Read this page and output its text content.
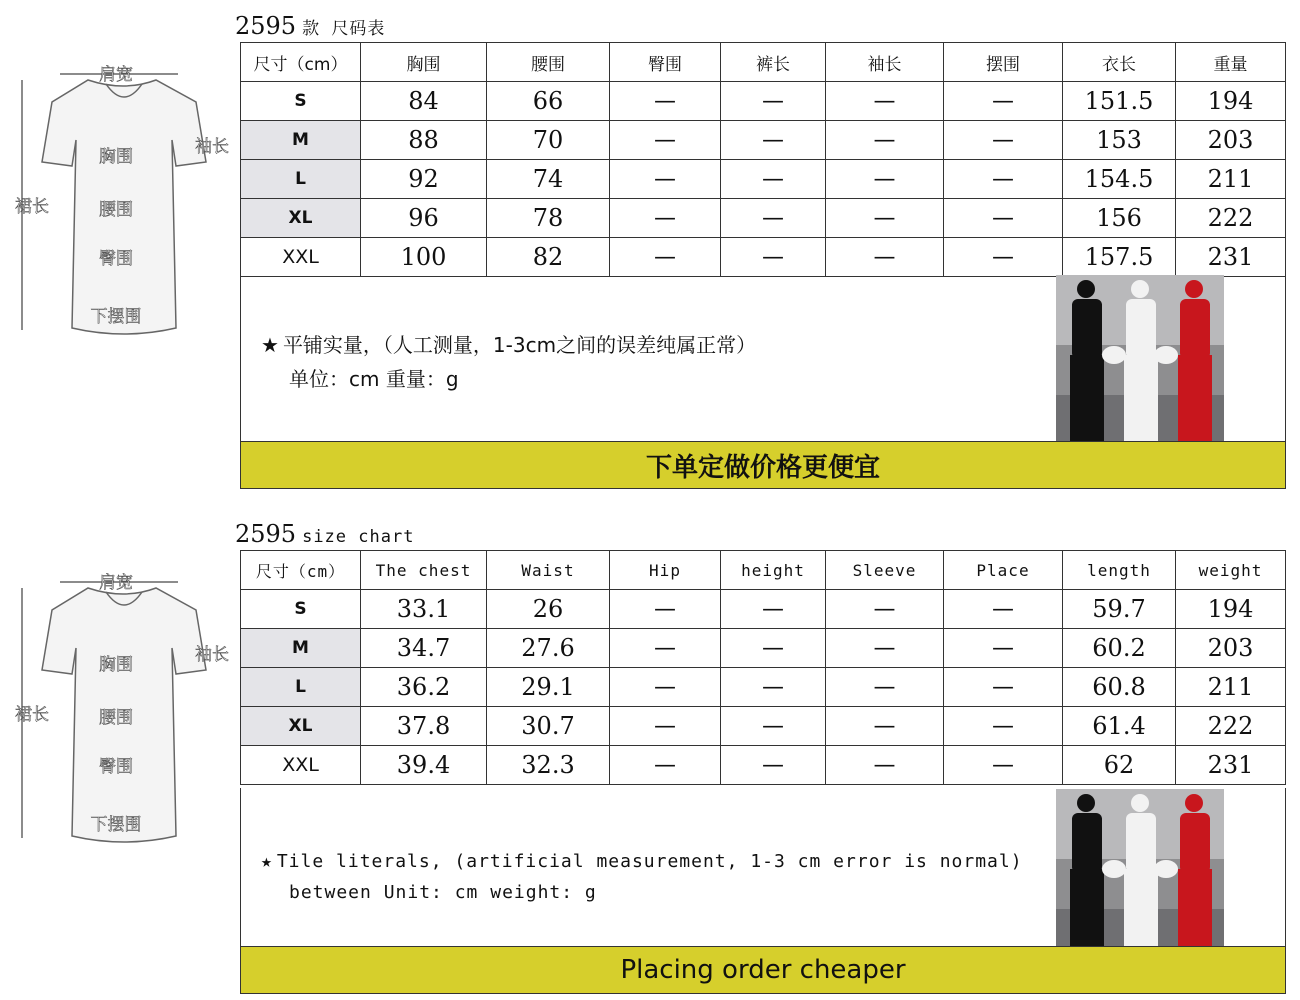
2595 款 尺码表
肩宽
袖长
胸围
裙长	腰围
臀围
下摆围
尺寸（cm）	胸围	腰围	臀围	裤长	袖长	摆围	衣长	重量
S	84	66	—	—	—	—	151.5	194
M	88	70	—	—	—	—	153	203
L	92	74	—	—	—	—	154.5	211
XL	96	78	—	—	—	—	156	222
XXL	100	82	—	—	—	—	157.5	231
★ 平铺实量，（人工测量，1-3cm之间的误差纯属正常）
单位：cm 重量：g
下单定做价格更便宜
2595 size chart
肩宽
袖长
胸围
裙长	腰围
臀围
下摆围
尺寸（cm）	The chest	Waist	Hip	height	Sleeve	Place	length	weight
S	33.1	26	—	—	—	—	59.7	194
M	34.7	27.6	—	—	—	—	60.2	203
L	36.2	29.1	—	—	—	—	60.8	211
XL	37.8	30.7	—	—	—	—	61.4	222
XXL	39.4	32.3	—	—	—	—	62	231
★ Tile literals, (artificial measurement, 1-3 cm error is normal)
between Unit: cm weight: g
Placing order cheaper
